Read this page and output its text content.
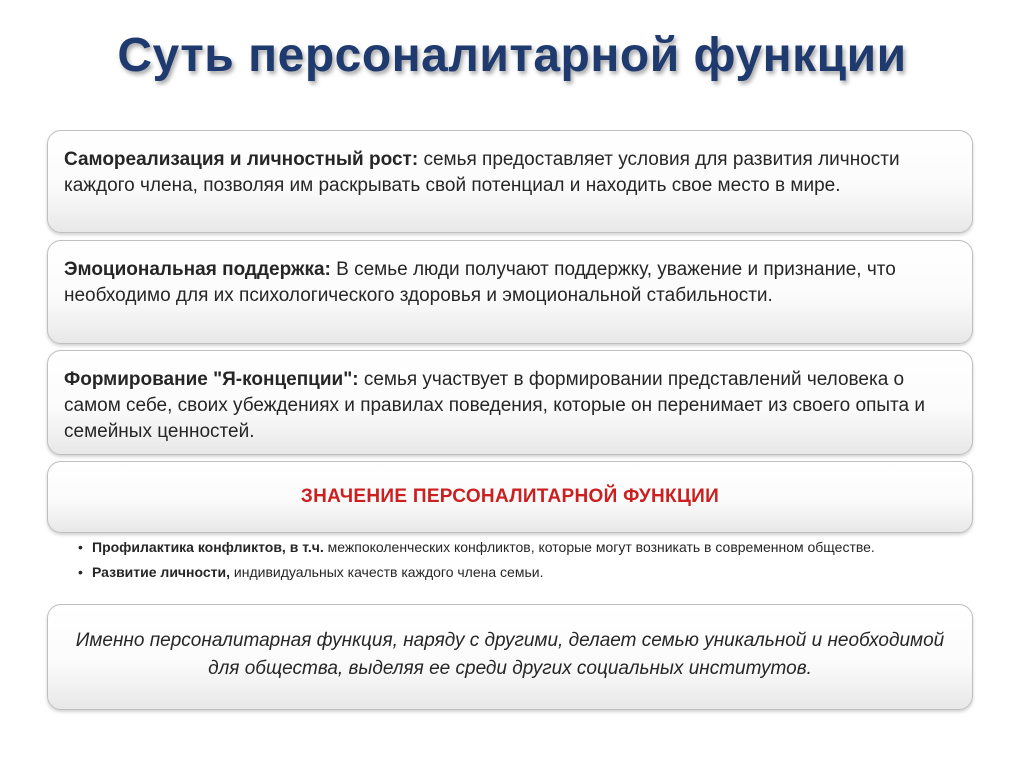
Суть персоналитарной функции
Самореализация и личностный рост: семья предоставляет условия для развития личности каждого члена, позволяя им раскрывать свой потенциал и находить свое место в мире.
Эмоциональная поддержка: В семье люди получают поддержку, уважение и признание, что необходимо для их психологического здоровья и эмоциональной стабильности.
Формирование "Я-концепции": семья участвует в формировании представлений человека о самом себе, своих убеждениях и правилах поведения, которые он перенимает из своего опыта и семейных ценностей.
ЗНАЧЕНИЕ ПЕРСОНАЛИТАРНОЙ ФУНКЦИИ
• Профилактика конфликтов, в т.ч. межпоколенческих конфликтов, которые могут возникать в современном обществе.
• Развитие личности, индивидуальных качеств каждого члена семьи.
Именно персоналитарная функция, наряду с другими, делает семью уникальной и необходимой для общества, выделяя ее среди других социальных институтов.
